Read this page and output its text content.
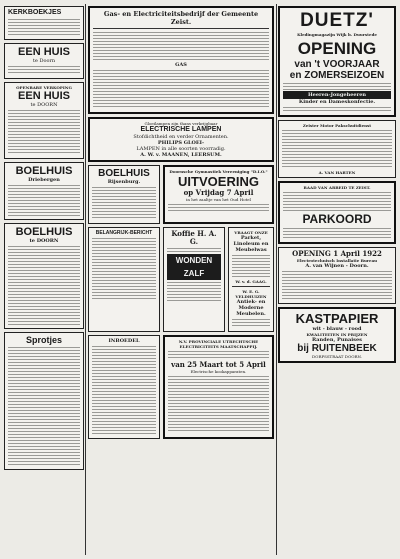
KERKBOEKJES
EEN HUIS
te Doorn
OPENBARE VERKOPING
EEN HUIS
te DOORN
BOELHUIS
Driebergen
BOELHUIS
te DOORN
Sprotjes
Gas- en Electriciteitsbedrijf der Gemeente Zeist.
GAS
Gloeilampen zijn thans verkrijgbaar
ELECTRISCHE LAMPEN
Stofdichtheid en verder Ornamenten.
PHILIPS GLOEI-
LAMPEN in alle soorten voorradig.
A. W. v. MAANEN, LEERSUM.
BOELHUIS
Rijsenburg.
Doornsche Gymnastiek Vereeniging "D.I.O."
UITVOERING
op Vrijdag 7 April
in het zaaltje van het Oud Hotel
BELANGRIJK-BERICHT	Koffie H. A. G.
WONDEN
ZALF
VRAAGT ONZE
Parket, Linoleum en Meubelwas
W. v. d. GAAG.
W. E. G. VELDHUIZEN
Antiek- en Moderne Meubelen.
INBOEDEL	N.V. PROVINCIALE UTRECHTSCHE
ELECTRICITEITS MAATSCHAPPIJ.
van 25 Maart tot 5 April
Electrische kookapparaten.
DUETZ'
Kledingmagazijn Wijk b. Duurstede
OPENING
van 't VOORJAAR
en ZOMERSEIZOEN
Heeren-Jongeheeren
Kinder en Dameskonfectie.
Zeister Motor Pakschuitdienst
A. VAN HARTEN
RAAD VAN ARBEID TE ZEIST.
PARKOORD
OPENING 1 April 1922
Electrotechnisch Installatie Bureau
A. van Wijnen - Doorn.
KASTPAPIER
wit - blauw - rood
KWALITEITEN IN PRIJZEN
Randen, Punaises
bij RUITENBEEK
DORPSSTRAAT DOORN.
